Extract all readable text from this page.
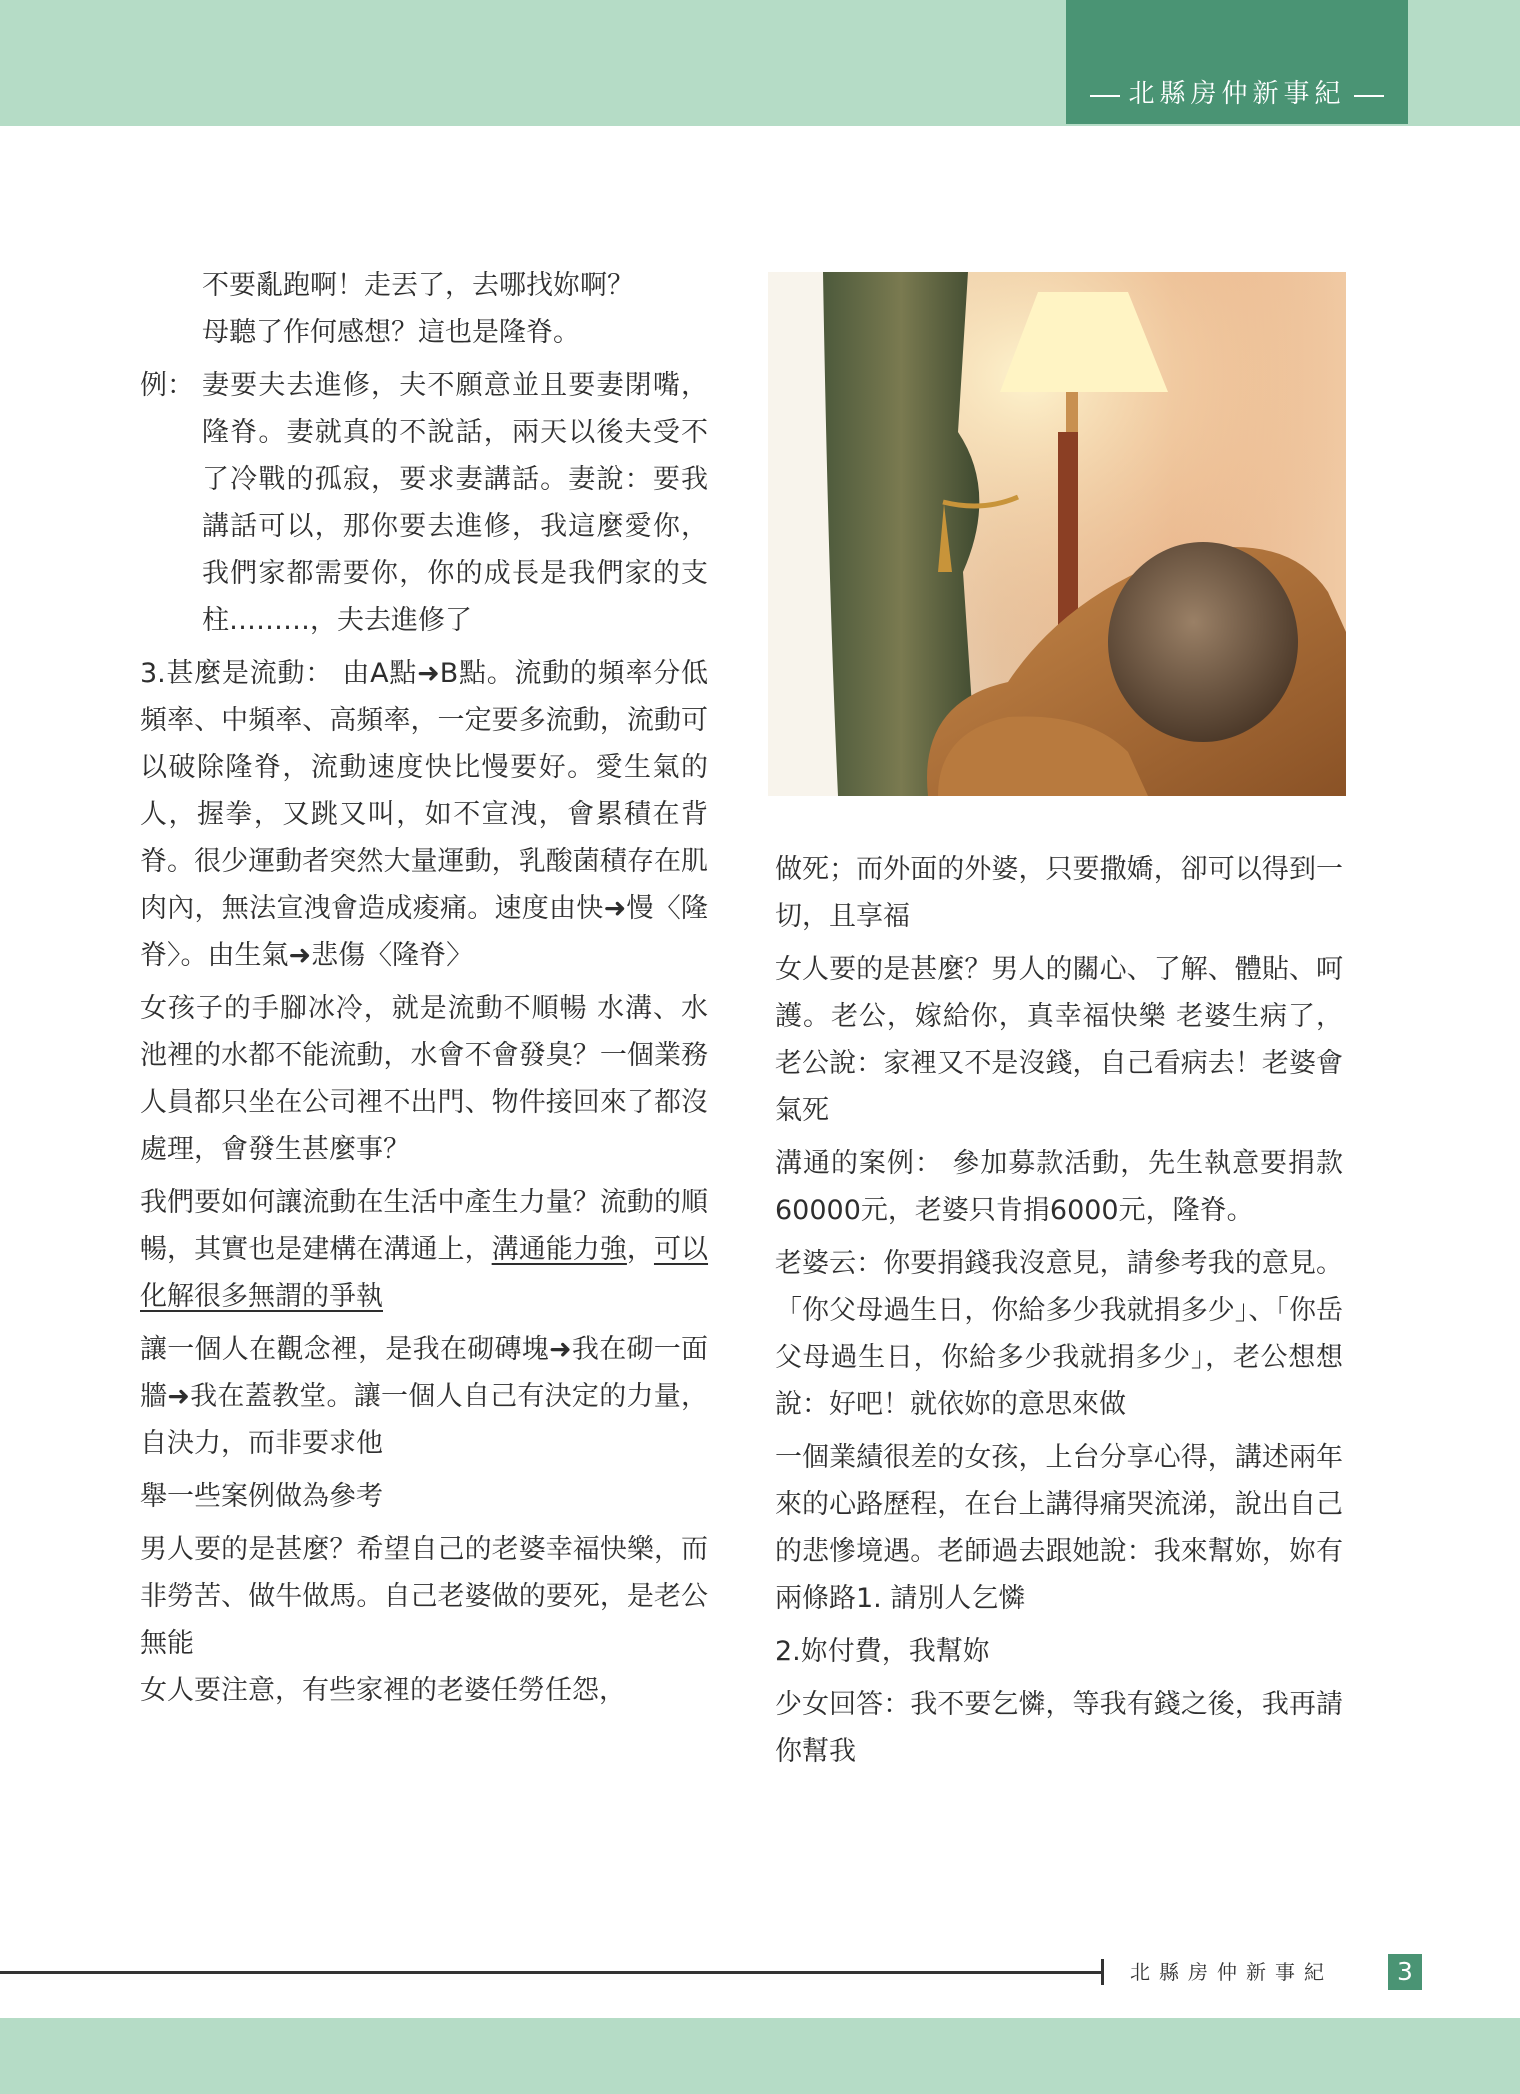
北縣房仲新事紀

不要亂跑啊！走丟了，去哪找妳啊？

母聽了作何感想？這也是隆脊。

例： 妻要夫去進修，夫不願意並且要妻閉嘴，隆脊。妻就真的不說話，兩天以後夫受不了冷戰的孤寂，要求妻講話。妻說：要我講話可以，那你要去進修，我這麼愛你，我們家都需要你，你的成長是我們家的支柱………，夫去進修了

3.甚麼是流動： 由A點➜B點。流動的頻率分低頻率、中頻率、高頻率，一定要多流動，流動可以破除隆脊，流動速度快比慢要好。愛生氣的人，握拳，又跳又叫，如不宣洩，會累積在背脊。很少運動者突然大量運動，乳酸菌積存在肌肉內，無法宣洩會造成痠痛。速度由快➜慢〈隆脊〉。由生氣➜悲傷〈隆脊〉

女孩子的手腳冰冷，就是流動不順暢 水溝、水池裡的水都不能流動，水會不會發臭？一個業務人員都只坐在公司裡不出門、物件接回來了都沒處理，會發生甚麼事？

我們要如何讓流動在生活中產生力量？流動的順暢，其實也是建構在溝通上，溝通能力強，可以化解很多無謂的爭執

讓一個人在觀念裡，是我在砌磚塊➜我在砌一面牆➜我在蓋教堂。讓一個人自己有決定的力量，自決力，而非要求他

舉一些案例做為參考

男人要的是甚麼？希望自己的老婆幸福快樂，而非勞苦、做牛做馬。自己老婆做的要死，是老公無能

女人要注意，有些家裡的老婆任勞任怨，

做死；而外面的外婆，只要撒嬌，卻可以得到一切，且享福

女人要的是甚麼？男人的關心、了解、體貼、呵護。老公，嫁給你，真幸福快樂 老婆生病了，老公說：家裡又不是沒錢，自己看病去！老婆會氣死

溝通的案例： 參加募款活動，先生執意要捐款60000元，老婆只肯捐6000元，隆脊。

老婆云：你要捐錢我沒意見，請參考我的意見。「你父母過生日，你給多少我就捐多少」、「你岳父母過生日，你給多少我就捐多少」，老公想想說：好吧！就依妳的意思來做

一個業績很差的女孩，上台分享心得，講述兩年來的心路歷程，在台上講得痛哭流涕，說出自己的悲慘境遇。老師過去跟她說：我來幫妳，妳有兩條路1. 請別人乞憐

2.妳付費，我幫妳

少女回答：我不要乞憐，等我有錢之後，我再請你幫我

北縣房仲新事紀	3
